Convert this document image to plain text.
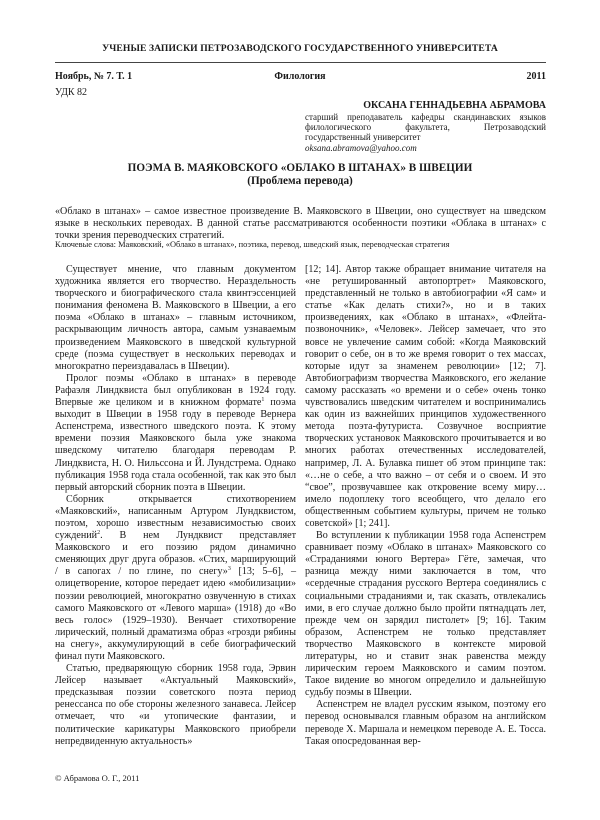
УЧЕНЫЕ ЗАПИСКИ ПЕТРОЗАВОДСКОГО ГОСУДАРСТВЕННОГО УНИВЕРСИТЕТА
Филология
Ноябрь, № 7. Т. 1	2011
УДК 82
ОКСАНА ГЕННАДЬЕВНА АБРАМОВА
старший преподаватель кафедры скандинавских языков филологического факультета, Петрозаводский государственный университет
oksana.abramova@yahoo.com
ПОЭМА В. МАЯКОВСКОГО «ОБЛАКО В ШТАНАХ» В ШВЕЦИИ
(Проблема перевода)
«Облако в штанах» – самое известное произведение В. Маяковского в Швеции, оно существует на шведском языке в нескольких переводах. В данной статье рассматриваются особенности поэтики «Облака в штанах» с точки зрения переводческих стратегий.
Ключевые слова: Маяковский, «Облако в штанах», поэтика, перевод, шведский язык, переводческая стратегия

Существует мнение, что главным документом художника является его творчество. Нераздельность творческого и биографического стала квинтэссенцией понимания феномена В. Маяковского в Швеции, а его поэма «Облако в штанах» – главным источником, раскрывающим личность автора, самым узнаваемым произведением Маяковского в шведской культурной среде (поэма существует в нескольких переводах и многократно переиздавалась в Швеции).

Пролог поэмы «Облако в штанах» в переводе Рафаэля Линдквиста был опубликован в 1924 году. Впервые же целиком и в книжном формате$^1$ поэма выходит в Швеции в 1958 году в переводе Вернера Аспенстрема, известного шведского поэта. К этому времени поэзия Маяковского была уже знакома шведскому читателю благодаря переводам Р. Линдквиста, Н. О. Нильссона и Й. Лундстрема. Однако публикация 1958 года стала особенной, так как это был первый авторский сборник поэта в Швеции.

Сборник открывается стихотворением «Маяковский», написанным Артуром Лундквистом, поэтом, хорошо известным независимостью своих суждений$^2$. В нем Лундквист представляет Маяковского и его поэзию рядом динамично сменяющих друг друга образов. «Стих, марширующий / в сапогах / по глине, по снегу»$^3$ [13; 5–6], – олицетворение, которое передает идею «мобилизации» поэзии революцией, многократно озвученную в стихах самого Маяковского от «Левого марша» (1918) до «Во весь голос» (1929–1930). Венчает стихотворение лирический, полный драматизма образ «грозди рябины на снегу», аккумулирующий в себе биографический финал пути Маяковского.

Статью, предваряющую сборник 1958 года, Эрвин Лейсер называет «Актуальный Маяковский», предсказывая поэзии советского поэта период ренессанса по обе стороны железного занавеса. Лейсер отмечает, что «и утопические фантазии, и политические карикатуры Маяковского приобрели непредвиденную актуальность»

[12; 14]. Автор также обращает внимание читателя на «не ретушированный автопортрет» Маяковского, представленный не только в автобиографии «Я сам» и статье «Как делать стихи?», но и в таких произведениях, как «Облако в штанах», «Флейта-позвоночник», «Человек». Лейсер замечает, что это вовсе не увлечение самим собой: «Когда Маяковский говорит о себе, он в то же время говорит о тех массах, которые идут за знаменем революции» [12; 7]. Автобиографизм творчества Маяковского, его желание самому рассказать «о времени и о себе» очень тонко чувствовались шведским читателем и воспринимались как один из важнейших принципов художественного метода поэта-футуриста. Созвучное восприятие творческих установок Маяковского прочитывается и во многих работах отечественных исследователей, например, Л. А. Булавка пишет об этом принципе так: «…не о себе, а что важно – от себя и о своем. И это “свое”, прозвучавшее как откровение всему миру… имело подоплеку того всеобщего, что делало его общественным событием культуры, причем не только советской» [1; 241].

Во вступлении к публикации 1958 года Аспенстрем сравнивает поэму «Облако в штанах» Маяковского со «Страданиями юного Вертера» Гёте, замечая, что разница между ними заключается в том, что «сердечные страдания русского Вертера соединялись с социальными страданиями и, так сказать, отвлекались ими, в его случае должно было пройти пятнадцать лет, прежде чем он зарядил пистолет» [9; 16]. Таким образом, Аспенстрем не только представляет творчество Маяковского в контексте мировой литературы, но и ставит знак равенства между лирическим героем Маяковского и самим поэтом. Такое видение во многом определило и дальнейшую судьбу поэмы в Швеции.

Аспенстрем не владел русским языком, поэтому его перевод основывался главным образом на английском переводе Х. Маршала и немецком переводе А. Е. Тосса. Такая опосредованная вер-

© Абрамова О. Г., 2011
